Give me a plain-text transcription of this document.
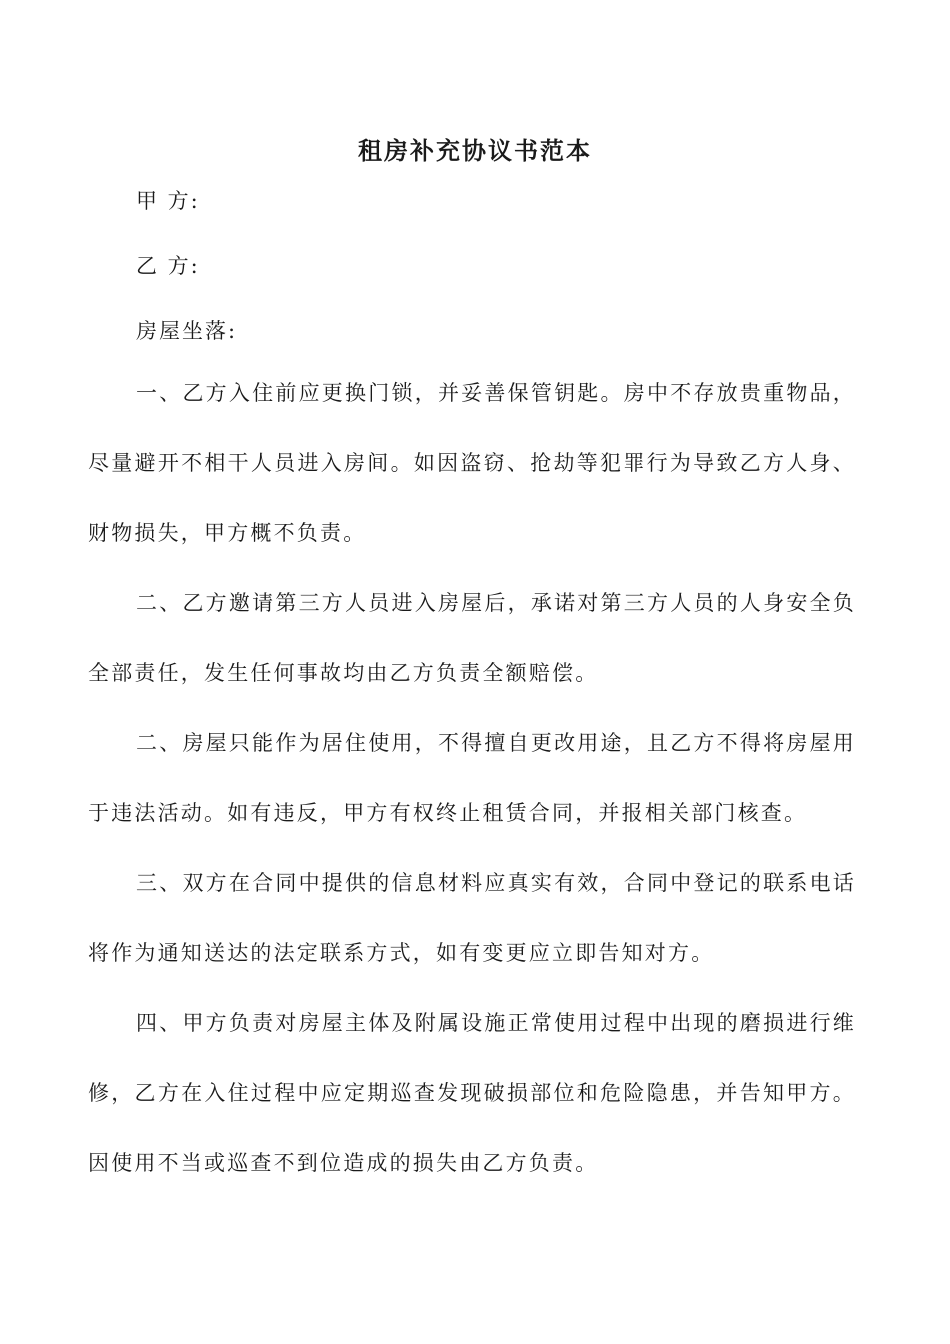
租房补充协议书范本
甲 方:
乙 方:
房屋坐落:

一、乙方入住前应更换门锁，并妥善保管钥匙。房中不存放贵重物品，尽量避开不相干人员进入房间。如因盗窃、抢劫等犯罪行为导致乙方人身、财物损失，甲方概不负责。

二、乙方邀请第三方人员进入房屋后，承诺对第三方人员的人身安全负全部责任，发生任何事故均由乙方负责全额赔偿。

二、房屋只能作为居住使用，不得擅自更改用途，且乙方不得将房屋用于违法活动。如有违反，甲方有权终止租赁合同，并报相关部门核查。

三、双方在合同中提供的信息材料应真实有效，合同中登记的联系电话将作为通知送达的法定联系方式，如有变更应立即告知对方。

四、甲方负责对房屋主体及附属设施正常使用过程中出现的磨损进行维修，乙方在入住过程中应定期巡查发现破损部位和危险隐患，并告知甲方。因使用不当或巡查不到位造成的损失由乙方负责。
